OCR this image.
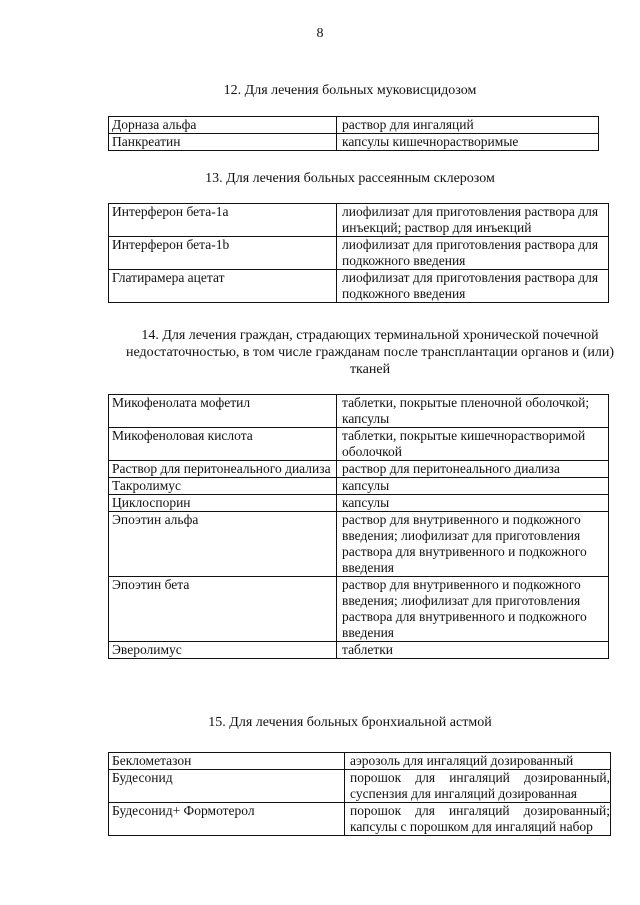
8
12. Для лечения больных муковисцидозом
Дорназа альфа	раствор для ингаляций
Панкреатин	капсулы кишечнорастворимые
13. Для лечения больных рассеянным склерозом
Интерферон бета-1а	лиофилизат для приготовления раствора для инъекций; раствор для инъекций
Интерферон бета-1b	лиофилизат для приготовления раствора для подкожного введения
Глатирамера ацетат	лиофилизат для приготовления раствора для подкожного введения
14. Для лечения граждан, страдающих терминальной хронической почечной недостаточностью, в том числе гражданам после трансплантации органов и (или) тканей
Микофенолата мофетил	таблетки, покрытые пленочной оболочкой; капсулы
Микофеноловая кислота	таблетки, покрытые кишечнорастворимой оболочкой
Раствор для перитонеального диализа	раствор для перитонеального диализа
Такролимус	капсулы
Циклоспорин	капсулы
Эпоэтин альфа	раствор для внутривенного и подкожного введения; лиофилизат для приготовления раствора для внутривенного и подкожного введения
Эпоэтин бета	раствор для внутривенного и подкожного введения; лиофилизат для приготовления раствора для внутривенного и подкожного введения
Эверолимус	таблетки
15. Для лечения больных бронхиальной астмой
Беклометазон	аэрозоль для ингаляций дозированный
Будесонид	порошок для ингаляций дозированный, суспензия для ингаляций дозированная
Будесонид+ Формотерол	порошок для ингаляций дозированный; капсулы с порошком для ингаляций набор
